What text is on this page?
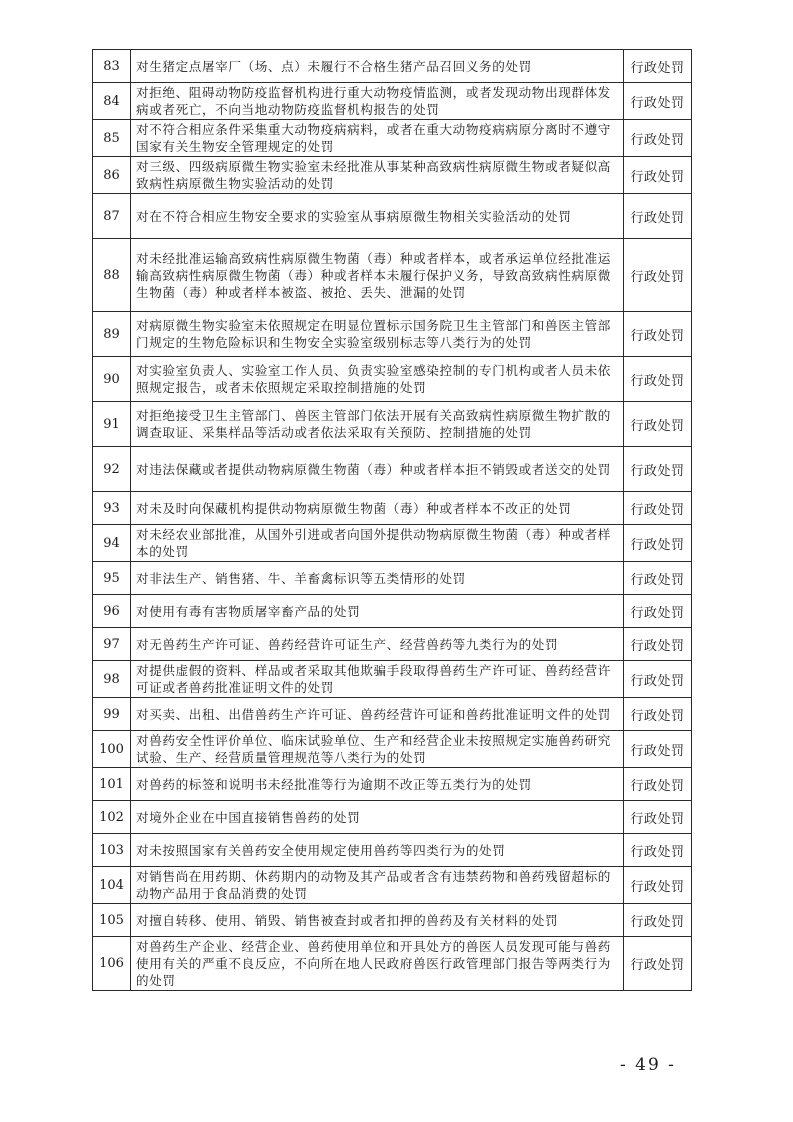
83	对生猪定点屠宰厂（场、点）未履行不合格生猪产品召回义务的处罚	行政处罚
84	对拒绝、阻碍动物防疫监督机构进行重大动物疫情监测，或者发现动物出现群体发病或者死亡，不向当地动物防疫监督机构报告的处罚	行政处罚
85	对不符合相应条件采集重大动物疫病病料，或者在重大动物疫病病原分离时不遵守国家有关生物安全管理规定的处罚	行政处罚
86	对三级、四级病原微生物实验室未经批准从事某种高致病性病原微生物或者疑似高致病性病原微生物实验活动的处罚	行政处罚
87	对在不符合相应生物安全要求的实验室从事病原微生物相关实验活动的处罚	行政处罚
88	对未经批准运输高致病性病原微生物菌（毒）种或者样本，或者承运单位经批准运输高致病性病原微生物菌（毒）种或者样本未履行保护义务，导致高致病性病原微生物菌（毒）种或者样本被盗、被抢、丢失、泄漏的处罚	行政处罚
89	对病原微生物实验室未依照规定在明显位置标示国务院卫生主管部门和兽医主管部门规定的生物危险标识和生物安全实验室级别标志等八类行为的处罚	行政处罚
90	对实验室负责人、实验室工作人员、负责实验室感染控制的专门机构或者人员未依照规定报告，或者未依照规定采取控制措施的处罚	行政处罚
91	对拒绝接受卫生主管部门、兽医主管部门依法开展有关高致病性病原微生物扩散的调查取证、采集样品等活动或者依法采取有关预防、控制措施的处罚	行政处罚
92	对违法保藏或者提供动物病原微生物菌（毒）种或者样本拒不销毁或者送交的处罚	行政处罚
93	对未及时向保藏机构提供动物病原微生物菌（毒）种或者样本不改正的处罚	行政处罚
94	对未经农业部批准，从国外引进或者向国外提供动物病原微生物菌（毒）种或者样本的处罚	行政处罚
95	对非法生产、销售猪、牛、羊畜禽标识等五类情形的处罚	行政处罚
96	对使用有毒有害物质屠宰畜产品的处罚	行政处罚
97	对无兽药生产许可证、兽药经营许可证生产、经营兽药等九类行为的处罚	行政处罚
98	对提供虚假的资料、样品或者采取其他欺骗手段取得兽药生产许可证、兽药经营许可证或者兽药批准证明文件的处罚	行政处罚
99	对买卖、出租、出借兽药生产许可证、兽药经营许可证和兽药批准证明文件的处罚	行政处罚
100	对兽药安全性评价单位、临床试验单位、生产和经营企业未按照规定实施兽药研究试验、生产、经营质量管理规范等八类行为的处罚	行政处罚
101	对兽药的标签和说明书未经批准等行为逾期不改正等五类行为的处罚	行政处罚
102	对境外企业在中国直接销售兽药的处罚	行政处罚
103	对未按照国家有关兽药安全使用规定使用兽药等四类行为的处罚	行政处罚
104	对销售尚在用药期、休药期内的动物及其产品或者含有违禁药物和兽药残留超标的动物产品用于食品消费的处罚	行政处罚
105	对擅自转移、使用、销毁、销售被查封或者扣押的兽药及有关材料的处罚	行政处罚
106	对兽药生产企业、经营企业、兽药使用单位和开具处方的兽医人员发现可能与兽药使用有关的严重不良反应，不向所在地人民政府兽医行政管理部门报告等两类行为的处罚	行政处罚
- 49 -
